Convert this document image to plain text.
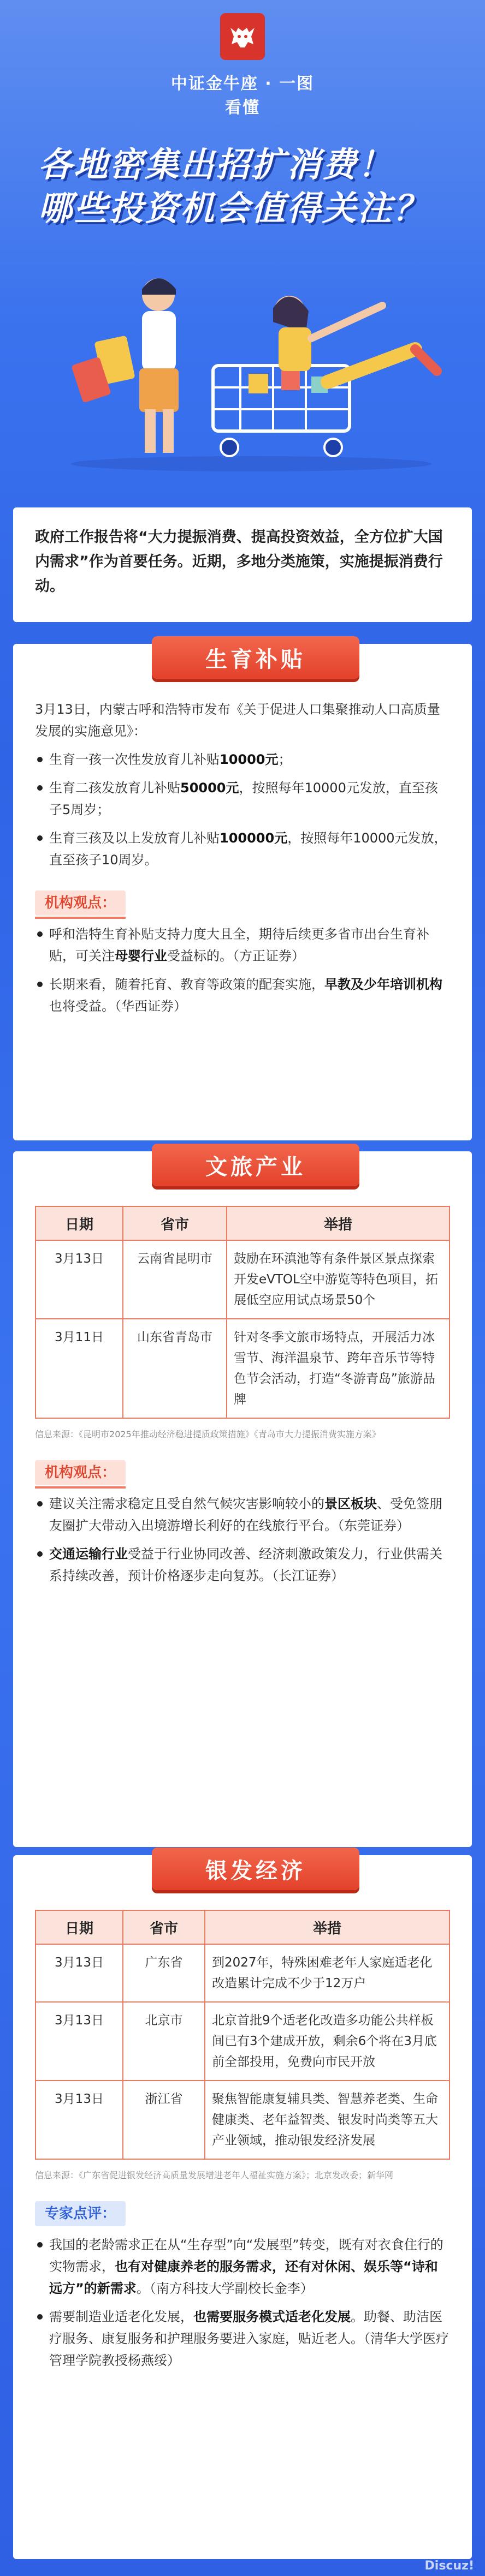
中证金牛座 · 一图看懂
各地密集出招扩消费！
哪些投资机会值得关注？

政府工作报告将“大力提振消费、提高投资效益，全方位扩大国内需求”作为首要任务。近期，多地分类施策，实施提振消费行动。

生育补贴

3月13日，内蒙古呼和浩特市发布《关于促进人口集聚推动人口高质量发展的实施意见》：

生育一孩一次性发放育儿补贴10000元；
生育二孩发放育儿补贴50000元，按照每年10000元发放，直至孩子5周岁；
生育三孩及以上发放育儿补贴100000元，按照每年10000元发放，直至孩子10周岁。
机构观点：
呼和浩特生育补贴支持力度大且全，期待后续更多省市出台生育补贴，可关注母婴行业受益标的。（方正证券）
长期来看，随着托育、教育等政策的配套实施，早教及少年培训机构也将受益。（华西证券）
文旅产业
日期	省市	举措
3月13日	云南省昆明市	鼓励在环滇池等有条件景区景点探索开发eVTOL空中游览等特色项目，拓展低空应用试点场景50个
3月11日	山东省青岛市	针对冬季文旅市场特点，开展活力冰雪节、海洋温泉节、跨年音乐节等特色节会活动，打造“冬游青岛”旅游品牌

信息来源：《昆明市2025年推动经济稳进提质政策措施》《青岛市大力提振消费实施方案》

机构观点：
建议关注需求稳定且受自然气候灾害影响较小的景区板块、受免签朋友圈扩大带动入出境游增长利好的在线旅行平台。（东莞证券）
交通运输行业受益于行业协同改善、经济刺激政策发力，行业供需关系持续改善，预计价格逐步走向复苏。（长江证券）
银发经济
日期	省市	举措
3月13日	广东省	到2027年，特殊困难老年人家庭适老化改造累计完成不少于12万户
3月13日	北京市	北京首批9个适老化改造多功能公共样板间已有3个建成开放，剩余6个将在3月底前全部投用，免费向市民开放
3月13日	浙江省	聚焦智能康复辅具类、智慧养老类、生命健康类、老年益智类、银发时尚类等五大产业领域，推动银发经济发展

信息来源：《广东省促进银发经济高质量发展增进老年人福祉实施方案》；北京发改委；新华网

专家点评：
我国的老龄需求正在从“生存型”向“发展型”转变，既有对衣食住行的实物需求，也有对健康养老的服务需求，还有对休闲、娱乐等“诗和远方”的新需求。（南方科技大学副校长金李）
需要制造业适老化发展，也需要服务模式适老化发展。助餐、助洁医疗服务、康复服务和护理服务要进入家庭，贴近老人。（清华大学医疗管理学院教授杨燕绥）
Discuz!
